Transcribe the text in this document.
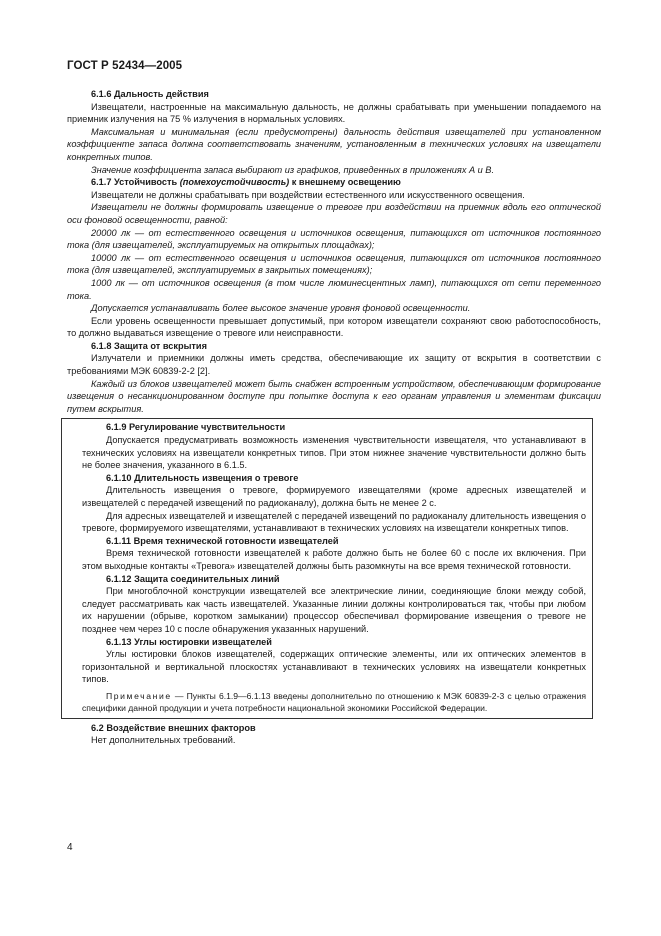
ГОСТ Р 52434—2005

6.1.6 Дальность действия

Извещатели, настроенные на максимальную дальность, не должны срабатывать при уменьшении попадаемого на приемник излучения на 75 % излучения в нормальных условиях.

Максимальная и минимальная (если предусмотрены) дальность действия извещателей при установленном коэффициенте запаса должна соответствовать значениям, установленным в технических условиях на извещатели конкретных типов.

Значение коэффициента запаса выбирают из графиков, приведенных в приложениях А и В.

6.1.7 Устойчивость (помехоустойчивость) к внешнему освещению

Извещатели не должны срабатывать при воздействии естественного или искусственного освещения.

Извещатели не должны формировать извещение о тревоге при воздействии на приемник вдоль его оптической оси фоновой освещенности, равной:

20000 лк — от естественного освещения и источников освещения, питающихся от источников постоянного тока (для извещателей, эксплуатируемых на открытых площадках);

10000 лк — от естественного освещения и источников освещения, питающихся от источников постоянного тока (для извещателей, эксплуатируемых в закрытых помещениях);

1000 лк — от источников освещения (в том числе люминесцентных ламп), питающихся от сети переменного тока.

Допускается устанавливать более высокое значение уровня фоновой освещенности.

Если уровень освещенности превышает допустимый, при котором извещатели сохраняют свою работоспособность, то должно выдаваться извещение о тревоге или неисправности.

6.1.8 Защита от вскрытия

Излучатели и приемники должны иметь средства, обеспечивающие их защиту от вскрытия в соответствии с требованиями МЭК 60839-2-2 [2].

Каждый из блоков извещателей может быть снабжен встроенным устройством, обеспечивающим формирование извещения о несанкционированном доступе при попытке доступа к его органам управления и элементам фиксации путем вскрытия.

6.1.9 Регулирование чувствительности

Допускается предусматривать возможность изменения чувствительности извещателя, что устанавливают в технических условиях на извещатели конкретных типов. При этом нижнее значение чувствительности должно быть не более значения, указанного в 6.1.5.

6.1.10 Длительность извещения о тревоге

Длительность извещения о тревоге, формируемого извещателями (кроме адресных извещателей и извещателей с передачей извещений по радиоканалу), должна быть не менее 2 с.

Для адресных извещателей и извещателей с передачей извещений по радиоканалу длительность извещения о тревоге, формируемого извещателями, устанавливают в технических условиях на извещатели конкретных типов.

6.1.11 Время технической готовности извещателей

Время технической готовности извещателей к работе должно быть не более 60 с после их включения. При этом выходные контакты «Тревога» извещателей должны быть разомкнуты на все время технической готовности.

6.1.12 Защита соединительных линий

При многоблочной конструкции извещателей все электрические линии, соединяющие блоки между собой, следует рассматривать как часть извещателей. Указанные линии должны контролироваться так, чтобы при любом их нарушении (обрыве, коротком замыкании) процессор обеспечивал формирование извещения о тревоге не позднее чем через 10 с после обнаружения указанных нарушений.

6.1.13 Углы юстировки извещателей

Углы юстировки блоков извещателей, содержащих оптические элементы, или их оптических элементов в горизонтальной и вертикальной плоскостях устанавливают в технических условиях на извещатели конкретных типов.

Примечание — Пункты 6.1.9—6.1.13 введены дополнительно по отношению к МЭК 60839-2-3 с целью отражения специфики данной продукции и учета потребности национальной экономики Российской Федерации.

6.2 Воздействие внешних факторов

Нет дополнительных требований.

4
